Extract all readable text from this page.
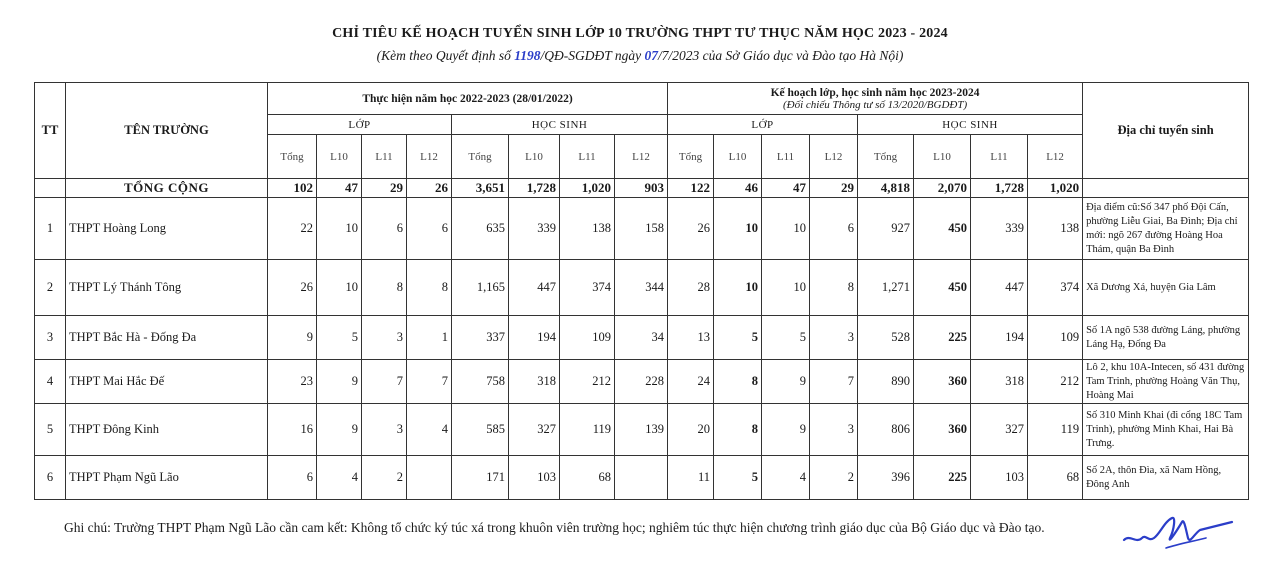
CHỈ TIÊU KẾ HOẠCH TUYỂN SINH LỚP 10 TRƯỜNG THPT TƯ THỤC NĂM HỌC 2023 - 2024
(Kèm theo Quyết định số 1198/QĐ-SGDĐT ngày 07/7/2023 của Sở Giáo dục và Đào tạo Hà Nội)
TT	TÊN TRƯỜNG	Thực hiện năm học 2022-2023 (28/01/2022)								Kế hoạch lớp, học sinh năm học 2023-2024
(Đối chiếu Thông tư số 13/2020/BGDĐT)								Địa chỉ tuyển sinh
		LỚP				HỌC SINH				LỚP				HỌC SINH				
		Tổng	L10	L11	L12	Tổng	L10	L11	L12	Tổng	L10	L11	L12	Tổng	L10	L11	L12	
	TỔNG CỘNG	102	47	29	26	3,651	1,728	1,020	903	122	46	47	29	4,818	2,070	1,728	1,020	
1	THPT Hoàng Long	22	10	6	6	635	339	138	158	26	10	10	6	927	450	339	138	Địa điểm cũ:Số 347 phố Đội Cấn, phường Liễu Giai, Ba Đình; Địa chỉ mới: ngõ 267 đường Hoàng Hoa Thám, quận Ba Đình
2	THPT Lý Thánh Tông	26	10	8	8	1,165	447	374	344	28	10	10	8	1,271	450	447	374	Xã Dương Xá, huyện Gia Lâm
3	THPT Bắc Hà - Đống Đa	9	5	3	1	337	194	109	34	13	5	5	3	528	225	194	109	Số 1A ngõ 538 đường Láng, phường Láng Hạ, Đống Đa
4	THPT Mai Hắc Đế	23	9	7	7	758	318	212	228	24	8	9	7	890	360	318	212	Lô 2, khu 10A-Intecen, số 431 đường Tam Trinh, phường Hoàng Văn Thụ, Hoàng Mai
5	THPT Đông Kinh	16	9	3	4	585	327	119	139	20	8	9	3	806	360	327	119	Số 310 Minh Khai (đi cổng 18C Tam Trinh), phường Minh Khai, Hai Bà Trưng.
6	THPT Phạm Ngũ Lão	6	4	2		171	103	68		11	5	4	2	396	225	103	68	Số 2A, thôn Đìa, xã Nam Hồng, Đông Anh
Ghi chú: Trường THPT Phạm Ngũ Lão cần cam kết: Không tổ chức ký túc xá trong khuôn viên trường học; nghiêm túc thực hiện chương trình giáo dục của Bộ Giáo dục và Đào tạo.
